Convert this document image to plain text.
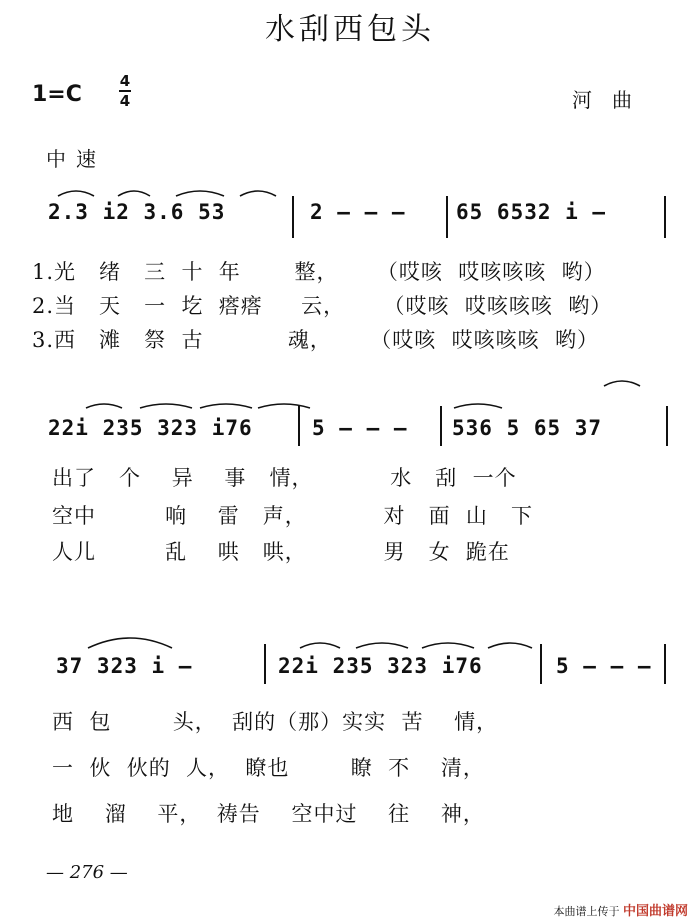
水刮西包头
1=C
4
4	河曲
中速
2.3 i2 3.6 53	2 — — — 65 6532 i —
1.光   绪   三  十  年       整，     （哎咳  哎咳咳咳  哟）
2.当   天   一  圪  瘩瘩     云，     （哎咳  哎咳咳咳  哟）
3.西   滩   祭  古           魂，     （哎咳  哎咳咳咳  哟）
22i 235 323 i76	5 — — — 536 5 65 37
出了   个    异    事   情，          水   刮  一个
空中         响    雷   声，          对   面  山   下
人儿         乱    哄   哄，          男   女  跪在
37 323 i —	22i 235 323 i76	5 — — —
西  包        头，  刮的（那）实实  苦    情，
一  伙  伙的  人，  瞭也        瞭  不    清，
地    溜    平，  祷告    空中过    往    神，
— 276 —
本曲谱上传于 中国曲谱网
